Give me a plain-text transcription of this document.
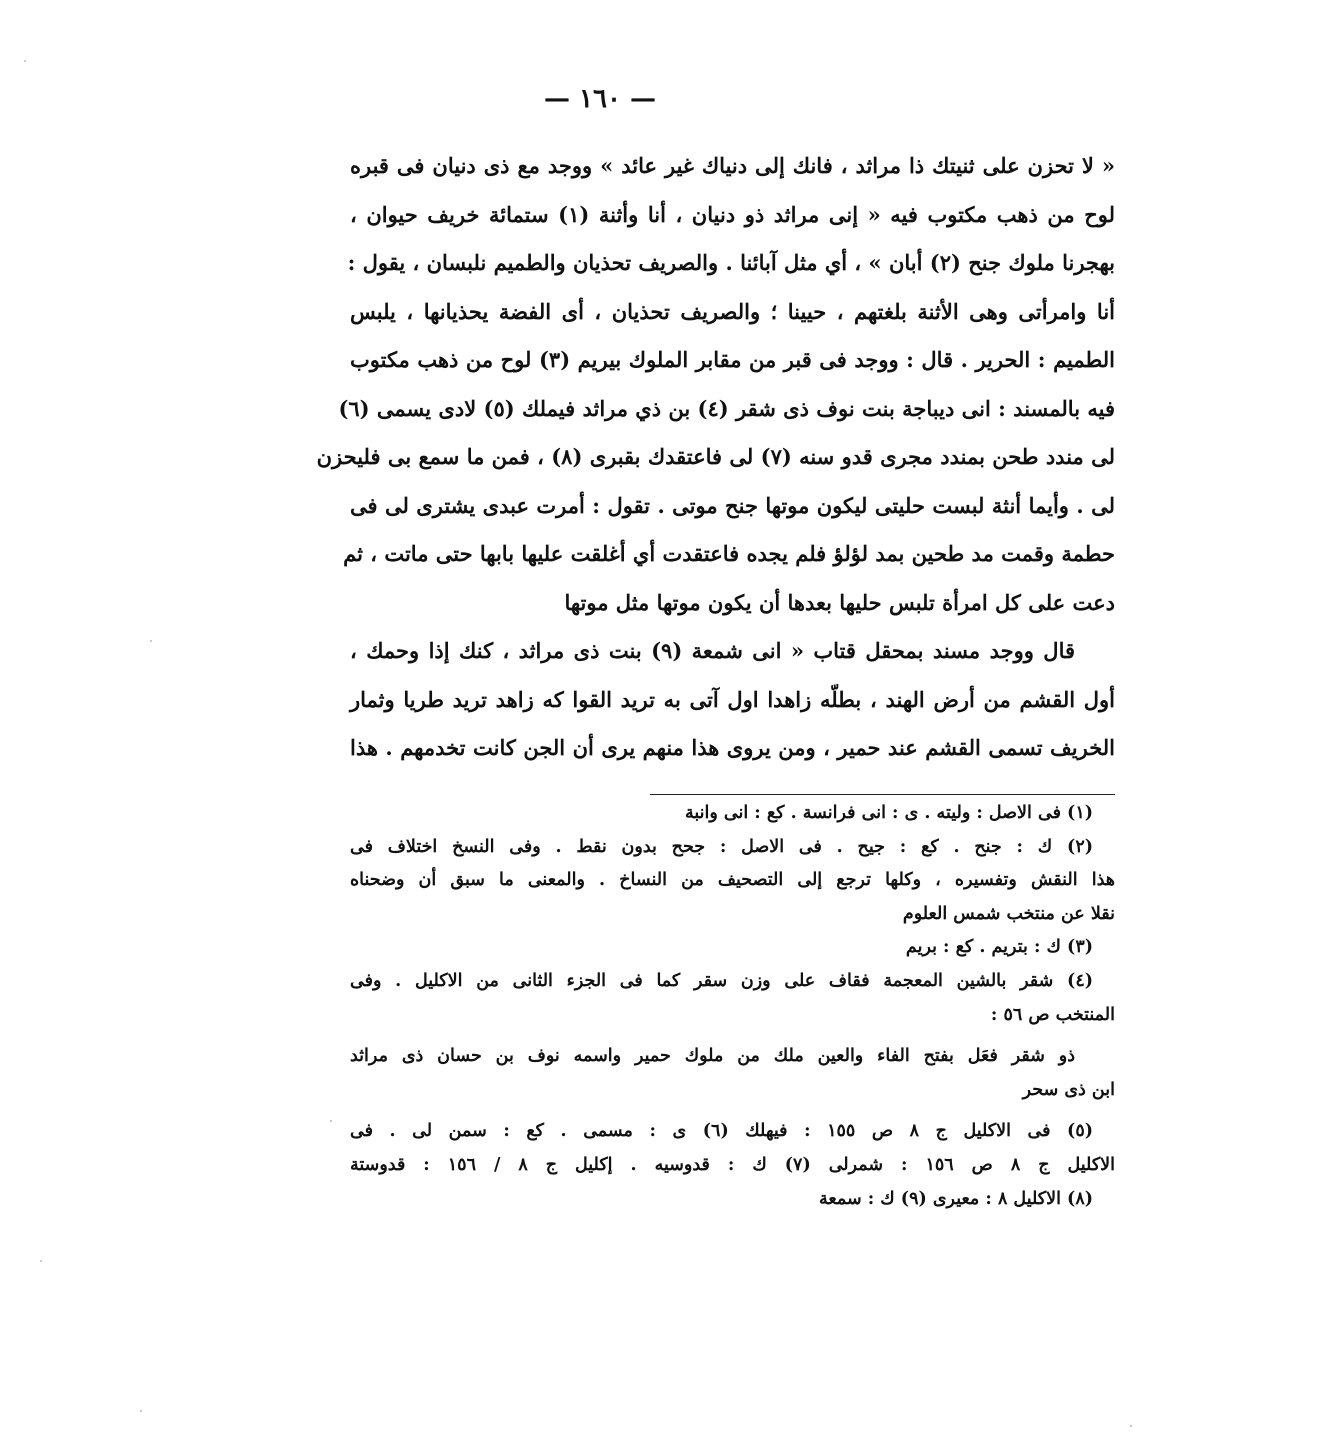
— ١٦٠ —
« لا تحزن على ثنيتك ذا مراثد ، فانك إلى دنياك غير عائد » ووجد مع ذى دنيان فى قبره
لوح من ذهب مكتوب فيه « إنى مراثد ذو دنيان ، أنا وأثنة (١) ستمائة خريف حيوان ،
بهجرنا ملوك جنح (٢) أبان » ، أي مثل آبائنا . والصريف تحذيان والطميم نلبسان ، يقول :
أنا وامرأتى وهى الأثنة بلغتهم ، حيينا ؛ والصريف تحذيان ، أى الفضة يحذيانها ، يلبس
الطميم : الحرير . قال : ووجد فى قبر من مقابر الملوك بيريم (٣) لوح من ذهب مكتوب
فيه بالمسند : انى ديباجة بنت نوف ذى شقر (٤) بن ذي مراثد فيملك (٥) لادى يسمى (٦)
لى مندد طحن بمندد مجرى قدو سنه (٧) لى فاعتقدك بقبرى (٨) ، فمن ما سمع بى فليحزن
لى . وأيما أنثة لبست حليتى ليكون موتها جنح موتى . تقول : أمرت عبدى يشترى لى فى
حطمة وقمت مد طحين بمد لؤلؤ فلم يجده فاعتقدت أي أغلقت عليها بابها حتى ماتت ، ثم
دعت على كل امرأة تلبس حليها بعدها أن يكون موتها مثل موتها
قال ووجد مسند بمحقل قتاب « انى شمعة (٩) بنت ذى مراثد ، كنك إذا وحمك ،
أول القشم من أرض الهند ، بطلّه زاهدا اول آتى به تريد القوا كه زاهد تريد طريا وثمار
الخريف تسمى القشم عند حمير ، ومن يروى هذا منهم يرى أن الجن كانت تخدمهم . هذا
(١) فى الاصل : وليته . ى : انى فرانسة . كع : انى وانبة
(٢) ك : جنح . كع : جيح . فى الاصل : جحح بدون نقط . وفى النسخ اختلاف فى
هذا النقش وتفسيره ، وكلها ترجع إلى التصحيف من النساخ . والمعنى ما سبق أن وضحناه
نقلا عن منتخب شمس العلوم
(٣) ك : بتريم . كع : بريم
(٤) شقر بالشين المعجمة فقاف على وزن سقر كما فى الجزء الثانى من الاكليل . وفى
المنتخب ص ٥٦ :
ذو شقر فعَل بفتح الفاء والعين ملك من ملوك حمير واسمه نوف بن حسان ذى مراثد
ابن ذى سحر
(٥) فى الاكليل ج ٨ ص ١٥٥ : فيهلك (٦) ى : مسمى . كع : سمن لى . فى
الاكليل ج ٨ ص ١٥٦ : شمرلى (٧) ك : قدوسيه . إكليل ج ٨ / ١٥٦ : قدوستة
(٨) الاكليل ٨ : معيرى (٩) ك : سمعة
